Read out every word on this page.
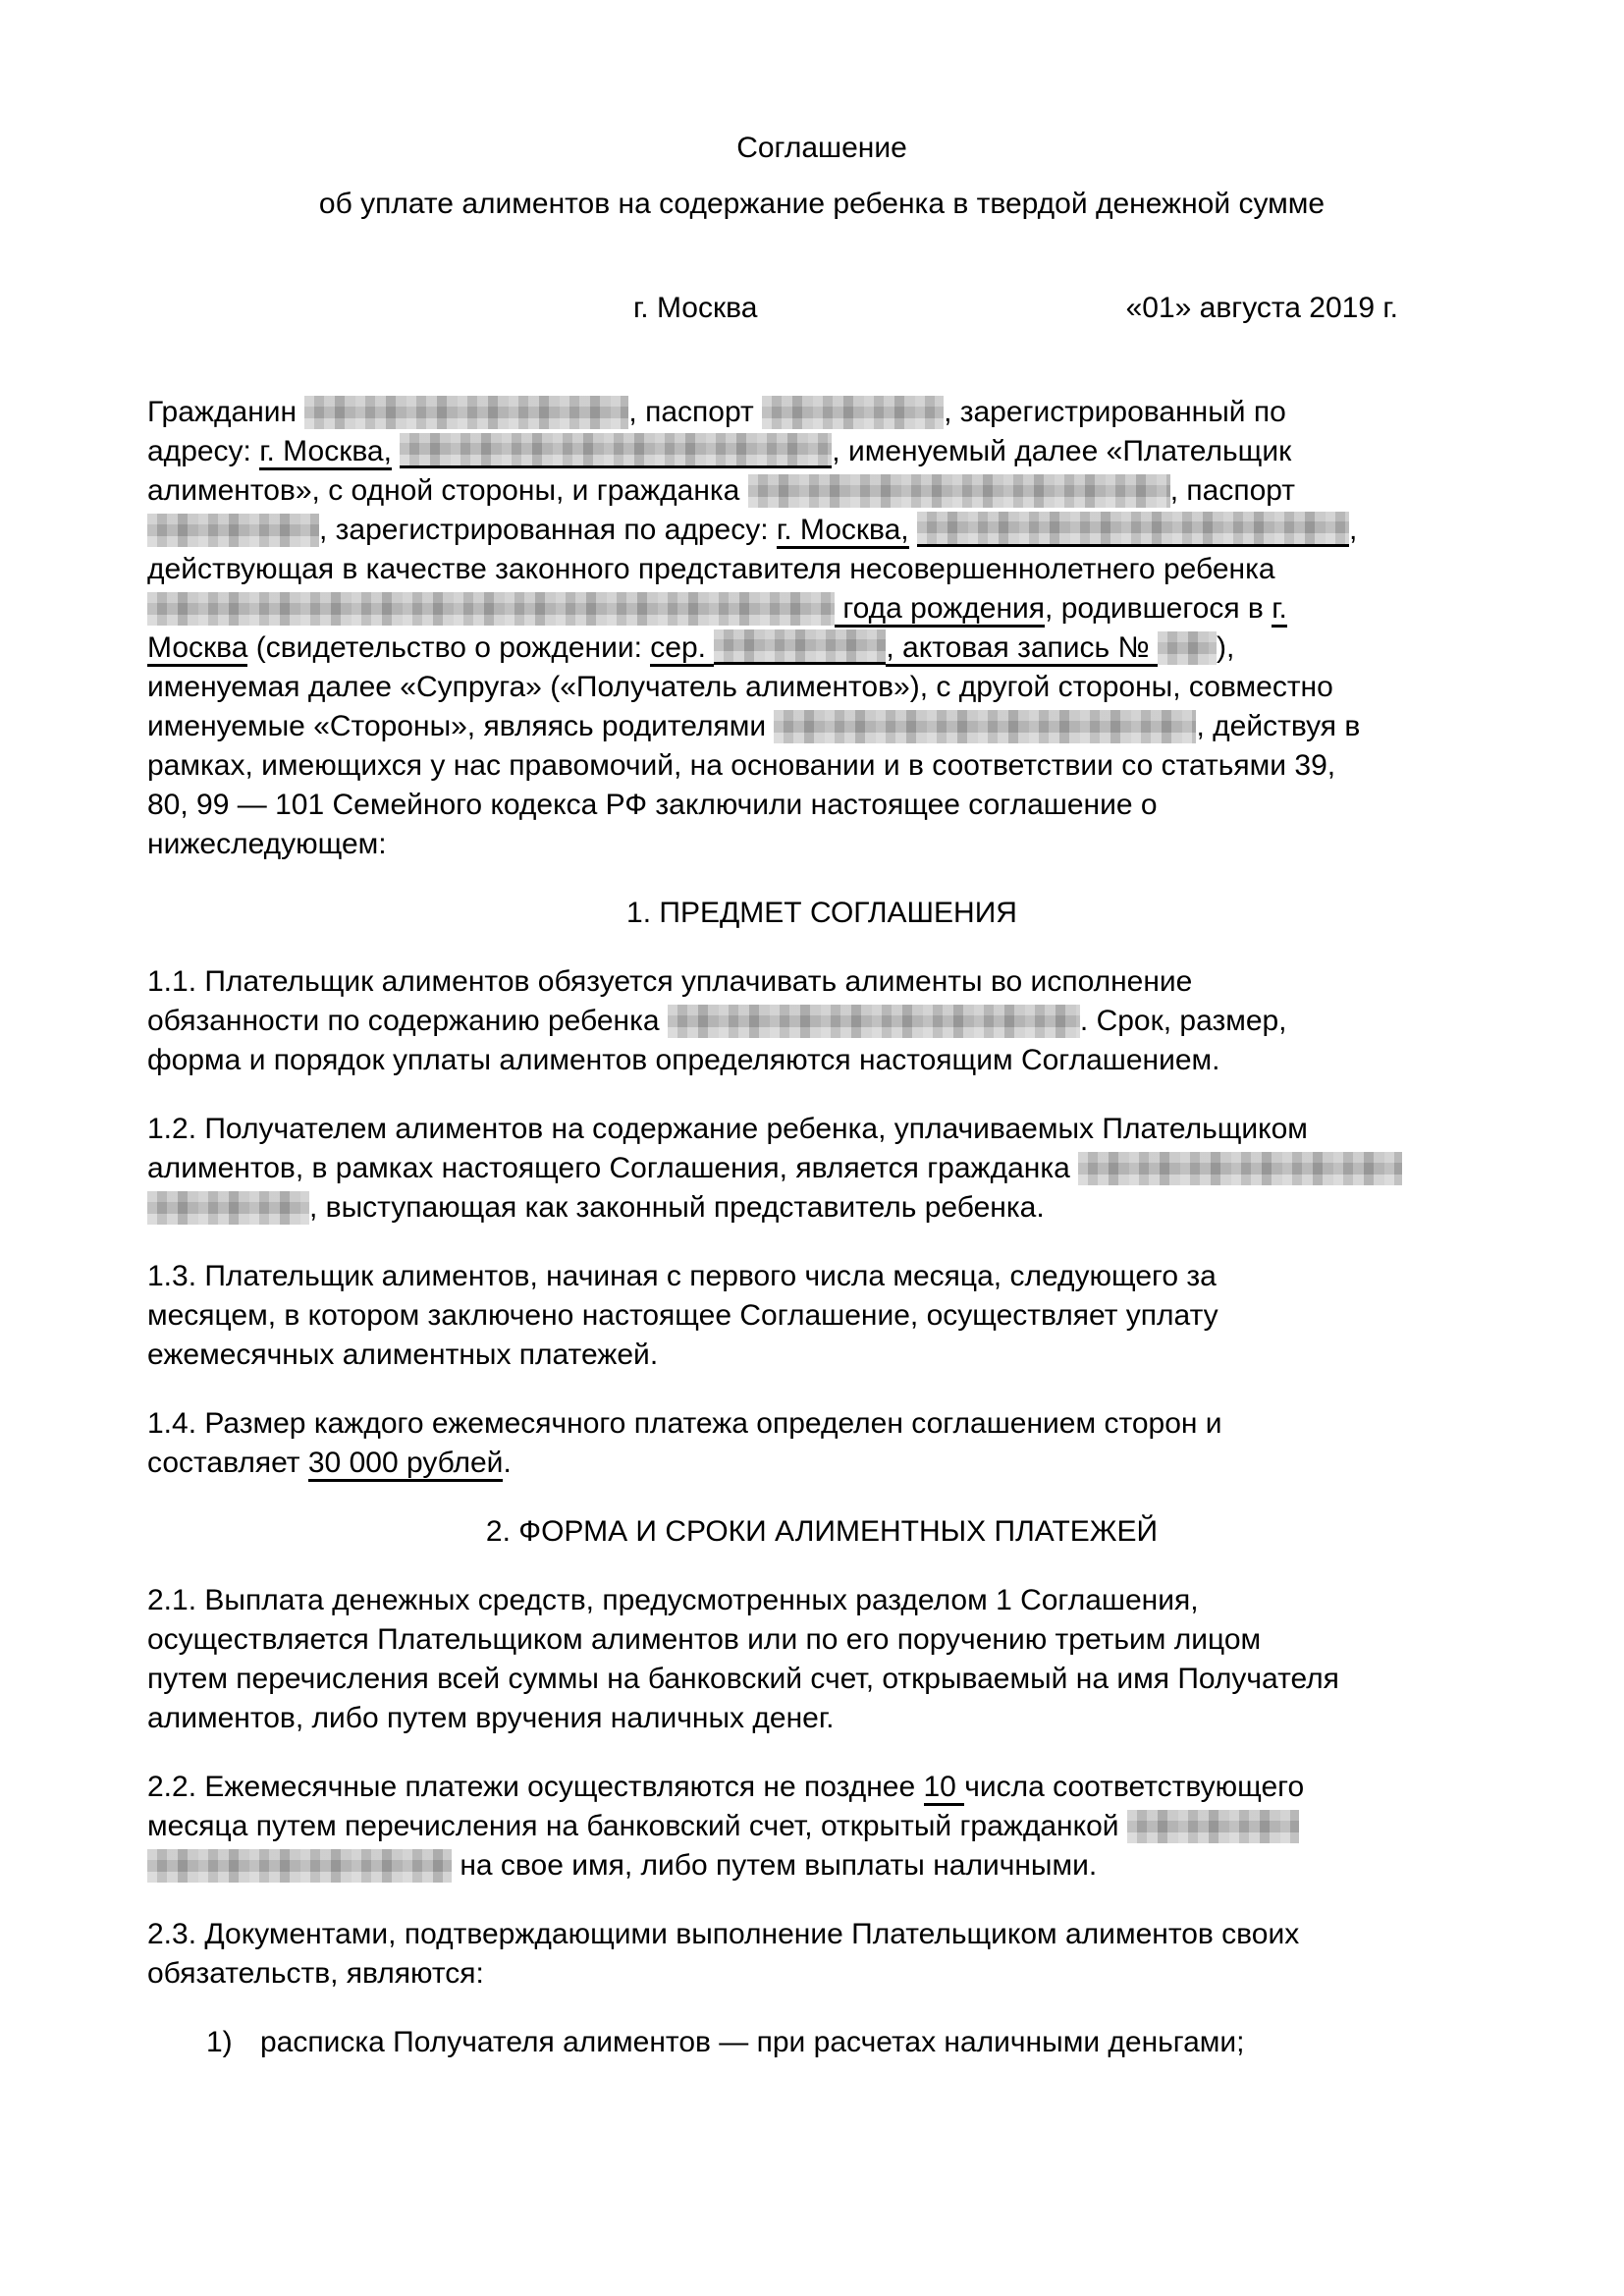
Соглашение
об уплате алиментов на содержание ребенка в твердой денежной сумме
г. Москва	«01» августа 2019 г.
Гражданин	, паспорт	, зарегистрированный по
адресу: г. Москва,	, именуемый далее «Плательщик
алиментов», с одной стороны, и гражданка	, паспорт
, зарегистрированная по адресу: г. Москва,	,
действующая в качестве законного представителя несовершеннолетнего ребенка
года рождения, родившегося в г.
Москва (свидетельство о рождении: сер.	, актовая запись № ),
именуемая далее «Супруга» («Получатель алиментов»), с другой стороны, совместно
именуемые «Стороны», являясь родителями	, действуя в
рамках, имеющихся у нас правомочий, на основании и в соответствии со статьями 39,
80, 99 — 101 Семейного кодекса РФ заключили настоящее соглашение о
нижеследующем:
1. ПРЕДМЕТ СОГЛАШЕНИЯ
1.1. Плательщик алиментов обязуется уплачивать алименты во исполнение
обязанности по содержанию ребенка	. Срок, размер,
форма и порядок уплаты алиментов определяются настоящим Соглашением.
1.2. Получателем алиментов на содержание ребенка, уплачиваемых Плательщиком
алиментов, в рамках настоящего Соглашения, является гражданка
, выступающая как законный представитель ребенка.
1.3. Плательщик алиментов, начиная с первого числа месяца, следующего за
месяцем, в котором заключено настоящее Соглашение, осуществляет уплату
ежемесячных алиментных платежей.
1.4. Размер каждого ежемесячного платежа определен соглашением сторон и
составляет 30 000 рублей.
2. ФОРМА И СРОКИ АЛИМЕНТНЫХ ПЛАТЕЖЕЙ
2.1. Выплата денежных средств, предусмотренных разделом 1 Соглашения,
осуществляется Плательщиком алиментов или по его поручению третьим лицом
путем перечисления всей суммы на банковский счет, открываемый на имя Получателя
алиментов, либо путем вручения наличных денег.
2.2. Ежемесячные платежи осуществляются не позднее 10 числа соответствующего
месяца путем перечисления на банковский счет, открытый гражданкой
на свое имя, либо путем выплаты наличными.
2.3. Документами, подтверждающими выполнение Плательщиком алиментов своих
обязательств, являются:
1) расписка Получателя алиментов — при расчетах наличными деньгами;
